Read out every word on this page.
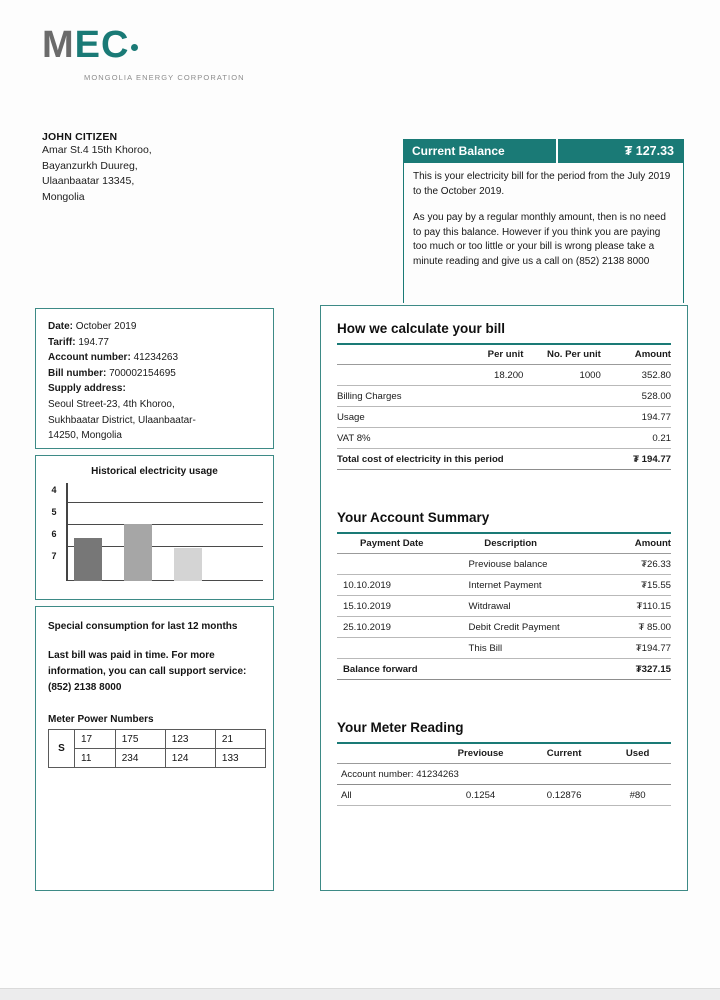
MEC
MONGOLIA ENERGY CORPORATION
JOHN CITIZEN
Amar St.4 15th Khoroo,
Bayanzurkh Duureg,
Ulaanbaatar 13345,
Mongolia
Current Balance	₮ 127.33

This is your electricity bill for the period from the July 2019 to the October 2019.

As you pay by a regular monthly amount, then is no need to pay this balance. However if you think you are paying too much or too little or your bill is wrong please take a minute reading and give us a call on (852) 2138 8000

Date: October 2019
Tariff: 194.77
Account number: 41234263
Bill number: 700002154695
Supply address:
Seoul Street-23, 4th Khoroo,
Sukhbaatar District, Ulaanbaatar-
14250, Mongolia
Historical electricity usage
4
5
6
7
Special consumption for last 12 months
Last bill was paid in time. For more information, you can call support service: (852) 2138 8000
Meter Power Numbers
S	17	175	123	21
	11	234	124	133
How we calculate your bill
	Per unit	No. Per unit	Amount
	18.200	1000	352.80
Billing Charges			528.00
Usage			194.77
VAT 8%			0.21
Total cost of electricity in this period			₮ 194.77
Your Account Summary
Payment Date	Description	Amount
	Previouse balance	₮26.33
10.10.2019	Internet Payment	₮15.55
15.10.2019	Witdrawal	₮110.15
25.10.2019	Debit Credit Payment	₮ 85.00
	This Bill	₮194.77
Balance forward		₮327.15
Your Meter Reading
	Previouse	Current	Used
Account number: 41234263			
All	0.1254	0.12876	#80
